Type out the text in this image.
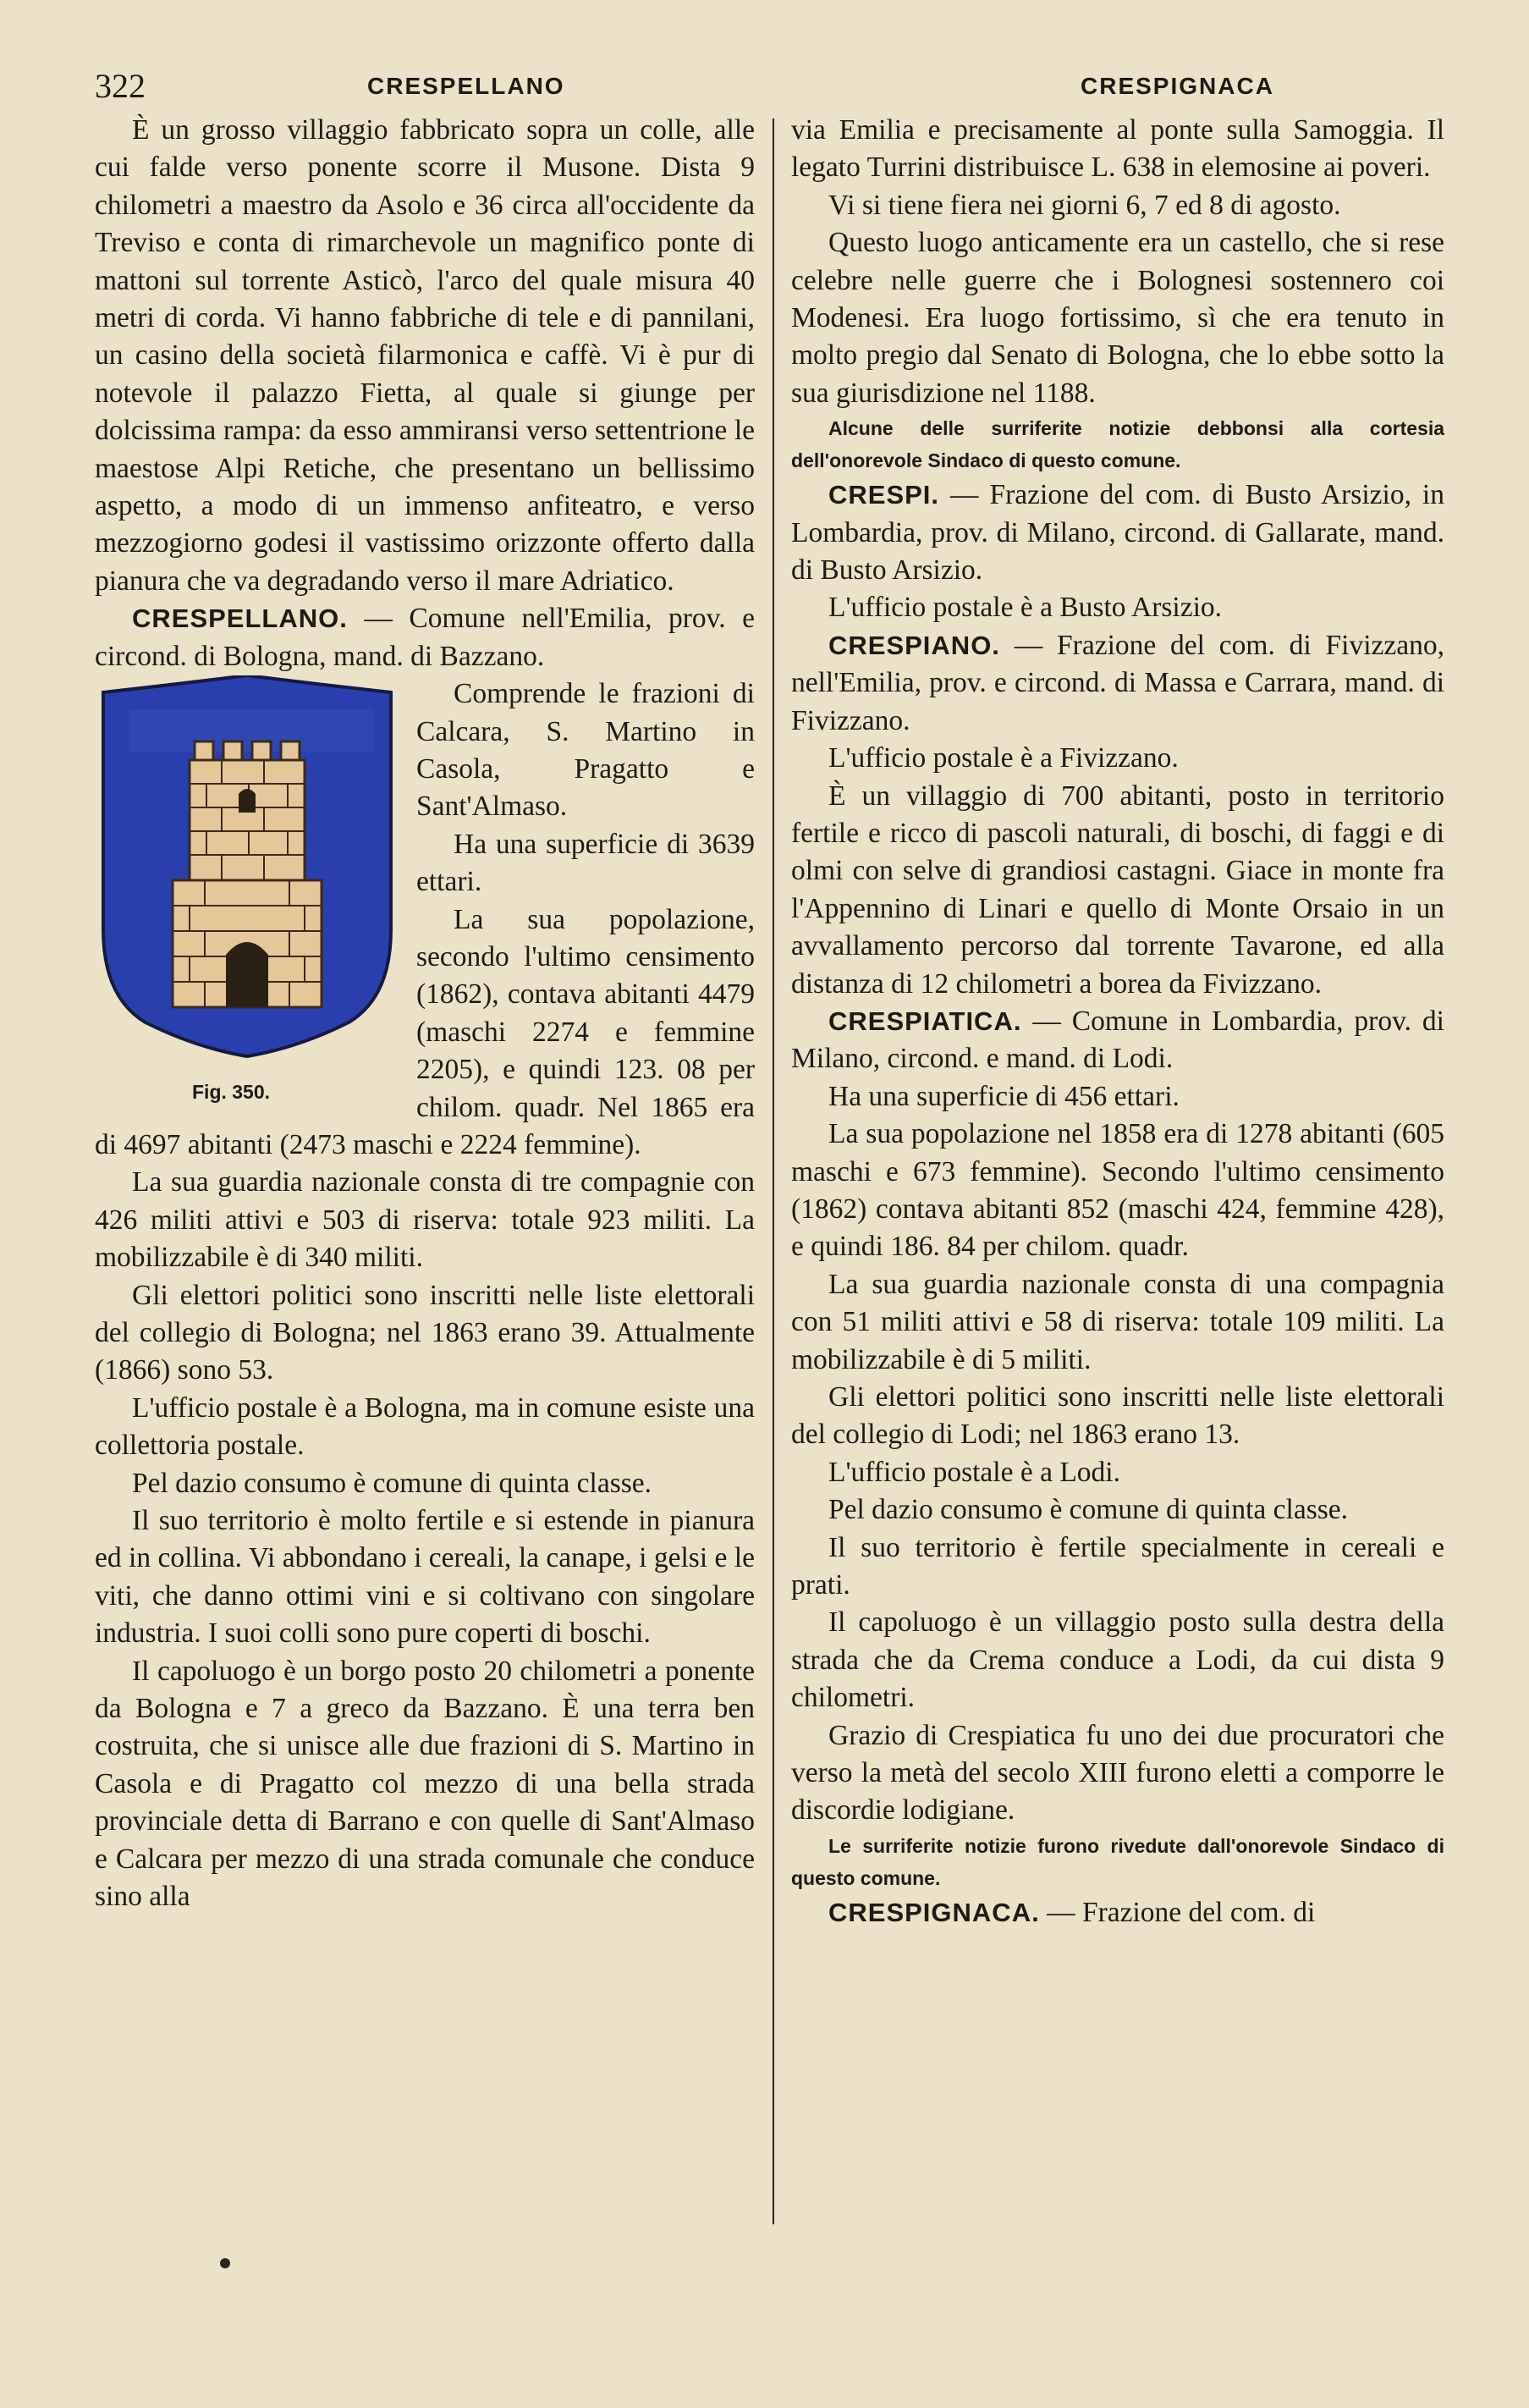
322	CRESPELLANO	CRESPIGNACA

È un grosso villaggio fabbricato sopra un colle, alle cui falde verso ponente scorre il Musone. Dista 9 chilometri a maestro da Asolo e 36 circa all'occidente da Treviso e conta di rimarchevole un magnifico ponte di mattoni sul torrente Asticò, l'arco del quale misura 40 metri di corda. Vi hanno fabbriche di tele e di pannilani, un casino della società filarmonica e caffè. Vi è pur di notevole il palazzo Fietta, al quale si giunge per dolcissima rampa: da esso ammiransi verso settentrione le maestose Alpi Retiche, che presentano un bellissimo aspetto, a modo di un immenso anfiteatro, e verso mezzogiorno godesi il vastissimo orizzonte offerto dalla pianura che va degradando verso il mare Adriatico.

CRESPELLANO. — Comune nell'Emilia, prov. e circond. di Bologna, mand. di Bazzano.

Fig. 350.

Comprende le frazioni di Calcara, S. Martino in Casola, Pragatto e Sant'Almaso.

Ha una superficie di 3639 ettari.

La sua popolazione, secondo l'ultimo censimento (1862), contava abitanti 4479 (maschi 2274 e femmine 2205), e quindi 123. 08 per chilom. quadr. Nel 1865 era di 4697 abitanti (2473 maschi e 2224 femmine).

La sua guardia nazionale consta di tre compagnie con 426 militi attivi e 503 di riserva: totale 923 militi. La mobilizzabile è di 340 militi.

Gli elettori politici sono inscritti nelle liste elettorali del collegio di Bologna; nel 1863 erano 39. Attualmente (1866) sono 53.

L'ufficio postale è a Bologna, ma in comune esiste una collettoria postale.

Pel dazio consumo è comune di quinta classe.

Il suo territorio è molto fertile e si estende in pianura ed in collina. Vi abbondano i cereali, la canape, i gelsi e le viti, che danno ottimi vini e si coltivano con singolare industria. I suoi colli sono pure coperti di boschi.

Il capoluogo è un borgo posto 20 chilometri a ponente da Bologna e 7 a greco da Bazzano. È una terra ben costruita, che si unisce alle due frazioni di S. Martino in Casola e di Pragatto col mezzo di una bella strada provinciale detta di Barrano e con quelle di Sant'Almaso e Calcara per mezzo di una strada comunale che conduce sino alla

via Emilia e precisamente al ponte sulla Samoggia. Il legato Turrini distribuisce L. 638 in elemosine ai poveri.

Vi si tiene fiera nei giorni 6, 7 ed 8 di agosto.

Questo luogo anticamente era un castello, che si rese celebre nelle guerre che i Bolognesi sostennero coi Modenesi. Era luogo fortissimo, sì che era tenuto in molto pregio dal Senato di Bologna, che lo ebbe sotto la sua giurisdizione nel 1188.

Alcune delle surriferite notizie debbonsi alla cortesia dell'onorevole Sindaco di questo comune.

CRESPI. — Frazione del com. di Busto Arsizio, in Lombardia, prov. di Milano, circond. di Gallarate, mand. di Busto Arsizio.

L'ufficio postale è a Busto Arsizio.

CRESPIANO. — Frazione del com. di Fivizzano, nell'Emilia, prov. e circond. di Massa e Carrara, mand. di Fivizzano.

L'ufficio postale è a Fivizzano.

È un villaggio di 700 abitanti, posto in territorio fertile e ricco di pascoli naturali, di boschi, di faggi e di olmi con selve di grandiosi castagni. Giace in monte fra l'Appennino di Linari e quello di Monte Orsaio in un avvallamento percorso dal torrente Tavarone, ed alla distanza di 12 chilometri a borea da Fivizzano.

CRESPIATICA. — Comune in Lombardia, prov. di Milano, circond. e mand. di Lodi.

Ha una superficie di 456 ettari.

La sua popolazione nel 1858 era di 1278 abitanti (605 maschi e 673 femmine). Secondo l'ultimo censimento (1862) contava abitanti 852 (maschi 424, femmine 428), e quindi 186. 84 per chilom. quadr.

La sua guardia nazionale consta di una compagnia con 51 militi attivi e 58 di riserva: totale 109 militi. La mobilizzabile è di 5 militi.

Gli elettori politici sono inscritti nelle liste elettorali del collegio di Lodi; nel 1863 erano 13.

L'ufficio postale è a Lodi.

Pel dazio consumo è comune di quinta classe.

Il suo territorio è fertile specialmente in cereali e prati.

Il capoluogo è un villaggio posto sulla destra della strada che da Crema conduce a Lodi, da cui dista 9 chilometri.

Grazio di Crespiatica fu uno dei due procuratori che verso la metà del secolo XIII furono eletti a comporre le discordie lodigiane.

Le surriferite notizie furono rivedute dall'onorevole Sindaco di questo comune.

CRESPIGNACA. — Frazione del com. di
